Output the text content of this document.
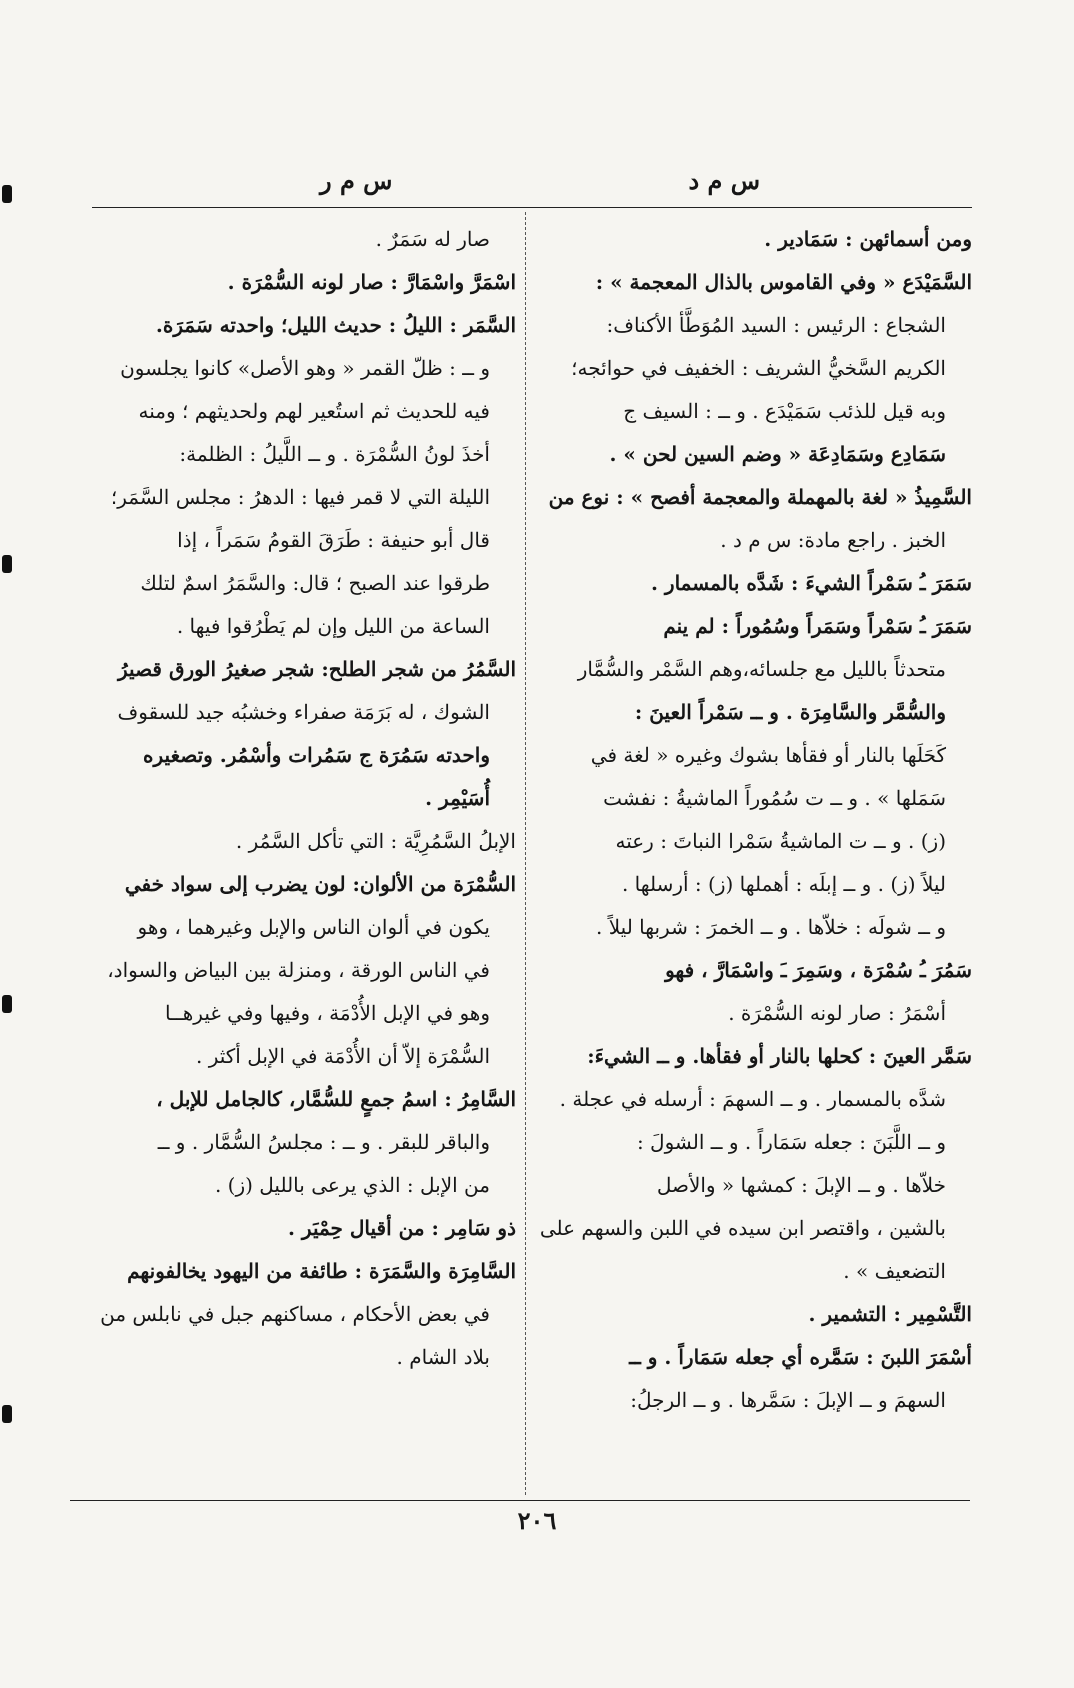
س م د
س م ر
ومن أسمائهن : سَمَادير .
السَّمَيْدَع « وفي القاموس بالذال المعجمة » :
الشجاع : الرئيس : السيد المُوَطَّأ الأكناف:
الكريم السَّخيُّ الشريف : الخفيف في حوائجه؛
وبه قيل للذئب سَمَيْدَع . و ــ : السيف ج
سَمَادِع وسَمَادِعَة « وضم السين لحن » .
السَّمِيذُ « لغة بالمهملة والمعجمة أفصح » : نوع من
الخبز . راجع مادة: س م د .
سَمَرَ ـُ سَمْراً الشيءَ : شَدَّه بالمسمار .
سَمَرَ ـُ سَمْراً وسَمَراً وسُمُوراً : لم ينم
متحدثاً بالليل مع جلسائه،وهم السَّمْر والسُّمَّار
والسُّمَّر والسَّامِرَة . و ــ سَمْراً العينَ :
كَحَلَها بالنار أو فقأها بشوك وغيره « لغة في
سَمَلها » . و ــ ت سُمُوراً الماشيةُ : نفشت
(ز) . و ــ ت الماشيةُ سَمْرا النباتَ : رعته
ليلاً (ز) . و ــ إبلَه : أهملها (ز) : أرسلها .
و ــ شولَه : خلاّها . و ــ الخمرَ : شربها ليلاً .
سَمُرَ ـُ سُمْرَة ، وسَمِرَ ـَ واسْمَارَّ ، فهو
أسْمَرُ : صار لونه السُّمْرَة .
سَمَّر العينَ : كحلها بالنار أو فقأها. و ــ الشيءَ:
شدَّه بالمسمار . و ــ السهمَ : أرسله في عجلة .
و ــ اللَّبَنَ : جعله سَمَاراً . و ــ الشولَ :
خلاّها . و ــ الإبلَ : كمشها « والأصل
بالشين ، واقتصر ابن سيده في اللبن والسهم على
التضعيف » .
التَّسْمِير : التشمير .
أسْمَرَ اللبنَ : سَمَّره أي جعله سَمَاراً . و ــ
السهمَ و ــ الإبلَ : سَمَّرها . و ــ الرجلُ:
صار له سَمَرٌ .
اسْمَرَّ واسْمَارَّ : صار لونه السُّمْرَة .
السَّمَر : الليلُ : حديث الليل؛ واحدته سَمَرَة.
و ــ : ظلّ القمر « وهو الأصل» كانوا يجلسون
فيه للحديث ثم استُعير لهم ولحديثهم ؛ ومنه
أخذَ لونُ السُّمْرَة . و ــ اللَّيلُ : الظلمة:
الليلة التي لا قمر فيها : الدهرُ : مجلس السَّمَر؛
قال أبو حنيفة : طَرَقَ القومُ سَمَراً ، إذا
طرقوا عند الصبح ؛ قال: والسَّمَرُ اسمٌ لتلك
الساعة من الليل وإن لم يَطْرُقوا فيها .
السَّمُرُ من شجر الطلح: شجر صغيرُ الورق قصيرُ
الشوك ، له بَرَمَة صفراء وخشبُه جيد للسقوف
واحدته سَمُرَة ج سَمُرات وأسْمُر. وتصغيره
أُسَيْمِر .
الإبلُ السَّمُرِيَّة : التي تأكل السَّمُر .
السُّمْرَة من الألوان: لون يضرب إلى سواد خفي
يكون في ألوان الناس والإبل وغيرهما ، وهو
في الناس الورقة ، ومنزلة بين البياض والسواد،
وهو في الإبل الأُدْمَة ، وفيها وفي غيرهــا
السُّمْرَة إلاّ أن الأُدْمَة في الإبل أكثر .
السَّامِرُ : اسمُ جمعٍ للسُّمَّار، كالجامل للإبل ،
والباقر للبقر . و ــ : مجلسُ السُّمَّار . و ــ
من الإبل : الذي يرعى بالليل (ز) .
ذو سَامِر : من أقيال حِمْيَر .
السَّامِرَة والسَّمَرَة : طائفة من اليهود يخالفونهم
في بعض الأحكام ، مساكنهم جبل في نابلس من
بلاد الشام .
٢٠٦
